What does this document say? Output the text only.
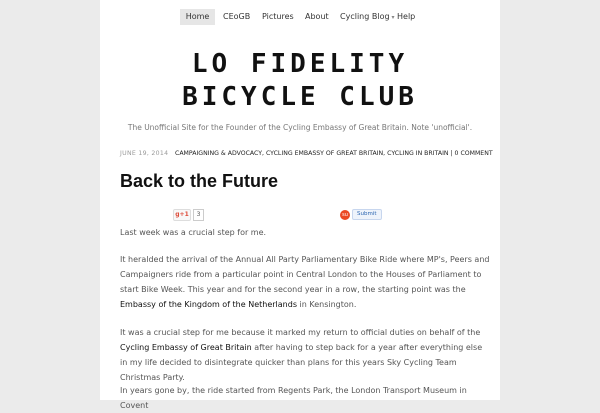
Home	CEoGB Pictures About Cycling Blog ▾ Help
LO FIDELITY
BICYCLE CLUB
The Unofficial Site for the Founder of the Cycling Embassy of Great Britain. Note 'unofficial'.
JUNE 19, 2014 CAMPAIGNING & ADVOCACY, CYCLING EMBASSY OF GREAT BRITAIN, CYCLING IN BRITAIN | 0 COMMENT
Back to the Future
g+1	3	su	Submit
Last week was a crucial step for me.
It heralded the arrival of the Annual All Party Parliamentary Bike Ride where MP's, Peers and Campaigners ride from a particular point in Central London to the Houses of Parliament to start Bike Week. This year and for the second year in a row, the starting point was the Embassy of the Kingdom of the Netherlands in Kensington.
It was a crucial step for me because it marked my return to official duties on behalf of the Cycling Embassy of Great Britain after having to step back for a year after everything else in my life decided to disintegrate quicker than plans for this years Sky Cycling Team Christmas Party.
In years gone by, the ride started from Regents Park, the London Transport Museum in Covent
